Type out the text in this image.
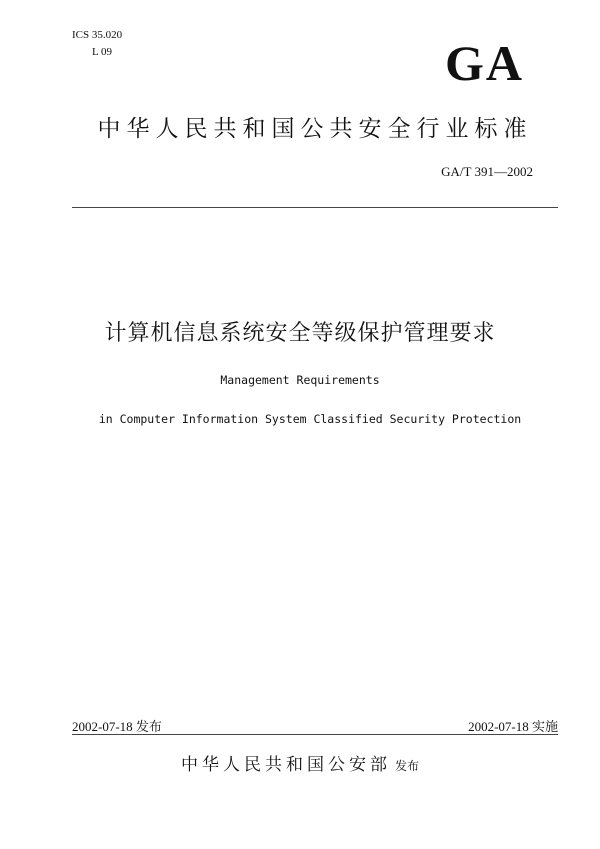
ICS 35.020

L 09	GA
中华人民共和国公共安全行业标准
GA/T 391—2002
计算机信息系统安全等级保护管理要求
Management Requirements
in Computer Information System Classified Security Protection
2002-07-18 发布	2002-07-18 实施
中华人民共和国公安部 发布
